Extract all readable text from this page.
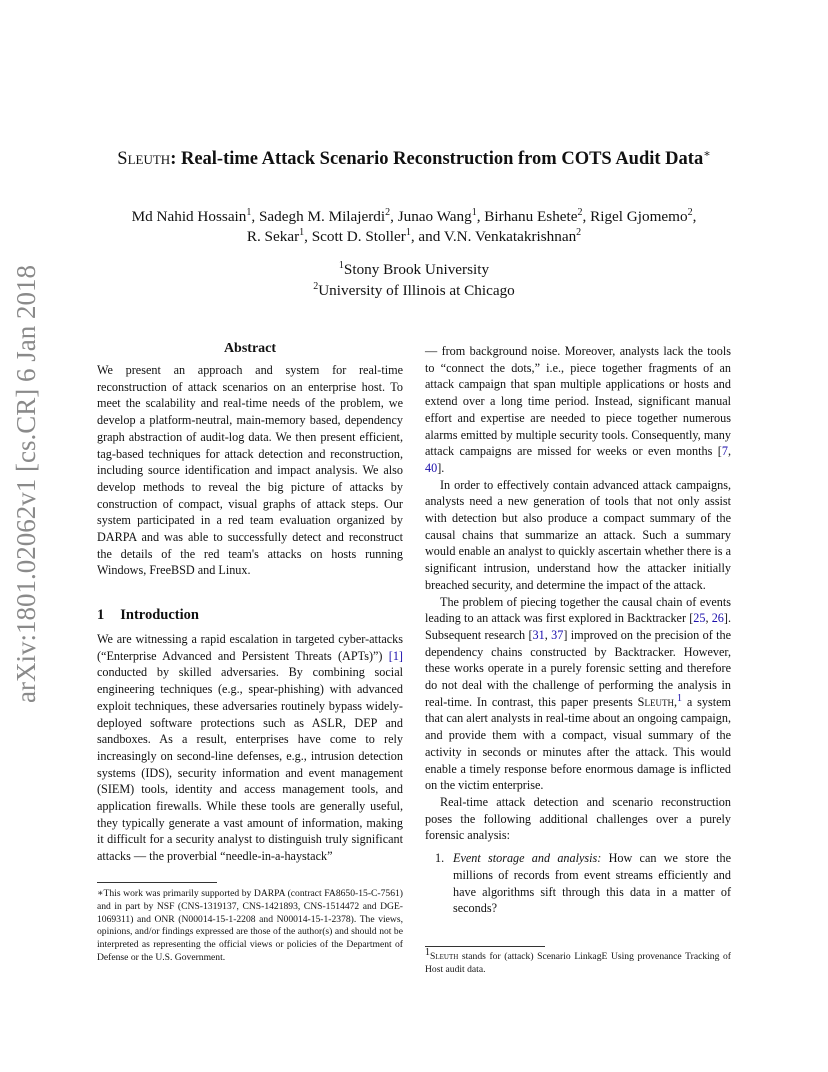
arXiv:1801.02062v1 [cs.CR] 6 Jan 2018
Sleuth: Real-time Attack Scenario Reconstruction from COTS Audit Data∗
Md Nahid Hossain$^1$, Sadegh M. Milajerdi$^2$, Junao Wang$^1$, Birhanu Eshete$^2$, Rigel Gjomemo$^2$,
R. Sekar$^1$, Scott D. Stoller$^1$, and V.N. Venkatakrishnan$^2$
$^1$Stony Brook University
$^2$University of Illinois at Chicago
Abstract

We present an approach and system for real-time reconstruction of attack scenarios on an enterprise host. To meet the scalability and real-time needs of the problem, we develop a platform-neutral, main-memory based, dependency graph abstraction of audit-log data. We then present efficient, tag-based techniques for attack detection and reconstruction, including source identification and impact analysis. We also develop methods to reveal the big picture of attacks by construction of compact, visual graphs of attack steps. Our system participated in a red team evaluation organized by DARPA and was able to successfully detect and reconstruct the details of the red team's attacks on hosts running Windows, FreeBSD and Linux.

1 Introduction

We are witnessing a rapid escalation in targeted cyber-attacks (“Enterprise Advanced and Persistent Threats (APTs)”) [1] conducted by skilled adversaries. By combining social engineering techniques (e.g., spear-phishing) with advanced exploit techniques, these adversaries routinely bypass widely-deployed software protections such as ASLR, DEP and sandboxes. As a result, enterprises have come to rely increasingly on second-line defenses, e.g., intrusion detection systems (IDS), security information and event management (SIEM) tools, identity and access management tools, and application firewalls. While these tools are generally useful, they typically generate a vast amount of information, making it difficult for a security analyst to distinguish truly significant attacks — the proverbial “needle-in-a-haystack”

∗This work was primarily supported by DARPA (contract FA8650-15-C-7561) and in part by NSF (CNS-1319137, CNS-1421893, CNS-1514472 and DGE-1069311) and ONR (N00014-15-1-2208 and N00014-15-1-2378). The views, opinions, and/or findings expressed are those of the author(s) and should not be interpreted as representing the official views or policies of the Department of Defense or the U.S. Government.

— from background noise. Moreover, analysts lack the tools to “connect the dots,” i.e., piece together fragments of an attack campaign that span multiple applications or hosts and extend over a long time period. Instead, significant manual effort and expertise are needed to piece together numerous alarms emitted by multiple security tools. Consequently, many attack campaigns are missed for weeks or even months [7, 40].

In order to effectively contain advanced attack campaigns, analysts need a new generation of tools that not only assist with detection but also produce a compact summary of the causal chains that summarize an attack. Such a summary would enable an analyst to quickly ascertain whether there is a significant intrusion, understand how the attacker initially breached security, and determine the impact of the attack.

The problem of piecing together the causal chain of events leading to an attack was first explored in Backtracker [25, 26]. Subsequent research [31, 37] improved on the precision of the dependency chains constructed by Backtracker. However, these works operate in a purely forensic setting and therefore do not deal with the challenge of performing the analysis in real-time. In contrast, this paper presents Sleuth,$^1$ a system that can alert analysts in real-time about an ongoing campaign, and provide them with a compact, visual summary of the activity in seconds or minutes after the attack. This would enable a timely response before enormous damage is inflicted on the victim enterprise.

Real-time attack detection and scenario reconstruction poses the following additional challenges over a purely forensic analysis:

1. Event storage and analysis: How can we store the millions of records from event streams efficiently and have algorithms sift through this data in a matter of seconds?
$^1$Sleuth stands for (attack) Scenario LinkagE Using provenance Tracking of Host audit data.
